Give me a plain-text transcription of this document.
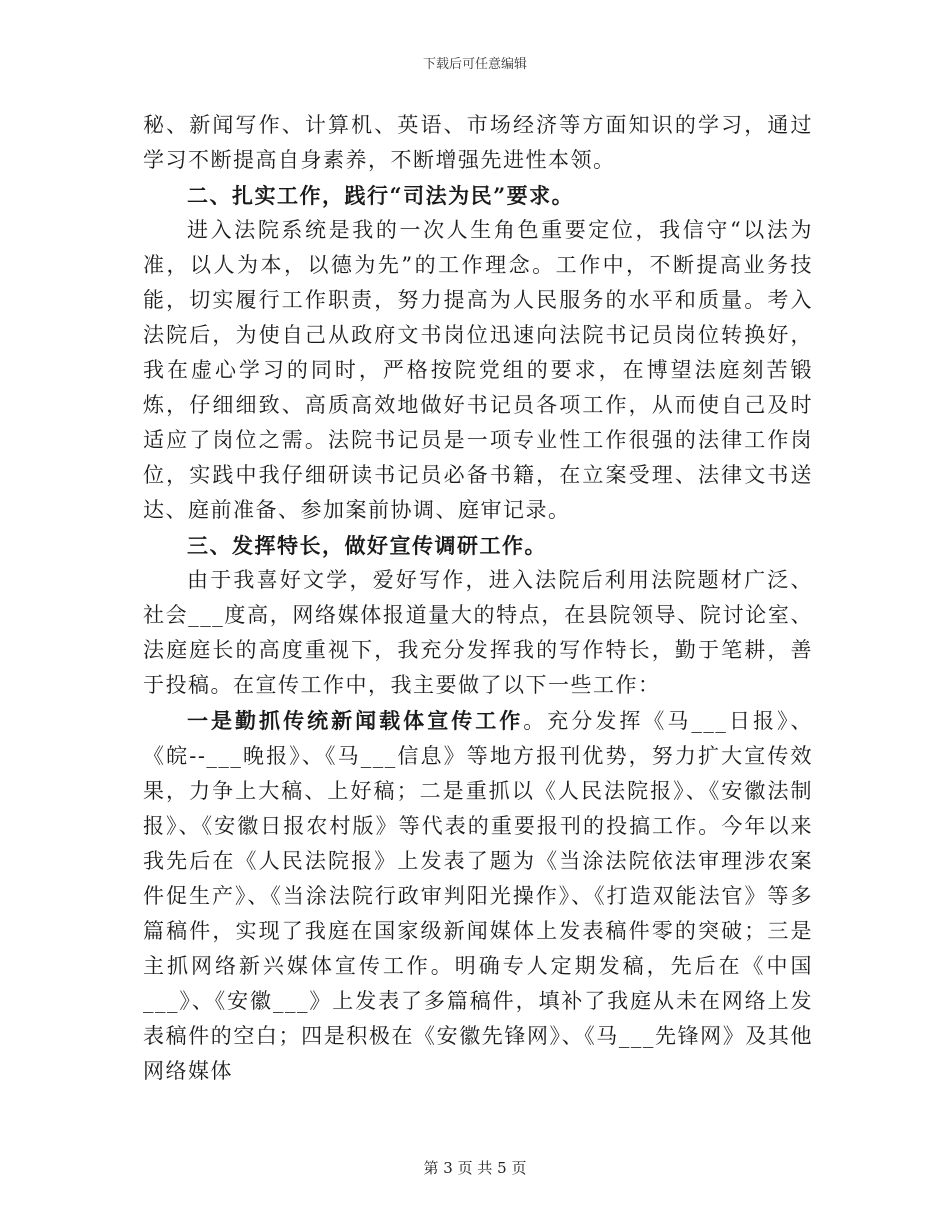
下载后可任意编辑

秘、新闻写作、计算机、英语、市场经济等方面知识的学习，通过学习不断提高自身素养，不断增强先进性本领。

二、扎实工作，践行“司法为民”要求。

进入法院系统是我的一次人生角色重要定位，我信守“以法为准，以人为本，以德为先”的工作理念。工作中，不断提高业务技能，切实履行工作职责，努力提高为人民服务的水平和质量。考入法院后，为使自己从政府文书岗位迅速向法院书记员岗位转换好，我在虚心学习的同时，严格按院党组的要求，在博望法庭刻苦锻炼，仔细细致、高质高效地做好书记员各项工作，从而使自己及时适应了岗位之需。法院书记员是一项专业性工作很强的法律工作岗位，实践中我仔细研读书记员必备书籍，在立案受理、法律文书送达、庭前准备、参加案前协调、庭审记录。

三、发挥特长，做好宣传调研工作。

由于我喜好文学，爱好写作，进入法院后利用法院题材广泛、社会___度高，网络媒体报道量大的特点，在县院领导、院讨论室、法庭庭长的高度重视下，我充分发挥我的写作特长，勤于笔耕，善于投稿。在宣传工作中，我主要做了以下一些工作：

一是勤抓传统新闻载体宣传工作。充分发挥《马___日报》、《皖--___晚报》、《马___信息》等地方报刊优势，努力扩大宣传效果，力争上大稿、上好稿；二是重抓以《人民法院报》、《安徽法制报》、《安徽日报农村版》等代表的重要报刊的投搞工作。今年以来我先后在《人民法院报》上发表了题为《当涂法院依法审理涉农案件促生产》、《当涂法院行政审判阳光操作》、《打造双能法官》等多篇稿件，实现了我庭在国家级新闻媒体上发表稿件零的突破；三是主抓网络新兴媒体宣传工作。明确专人定期发稿，先后在《中国___》、《安徽___》上发表了多篇稿件，填补了我庭从未在网络上发表稿件的空白；四是积极在《安徽先锋网》、《马___先锋网》及其他网络媒体

第 3 页 共 5 页
